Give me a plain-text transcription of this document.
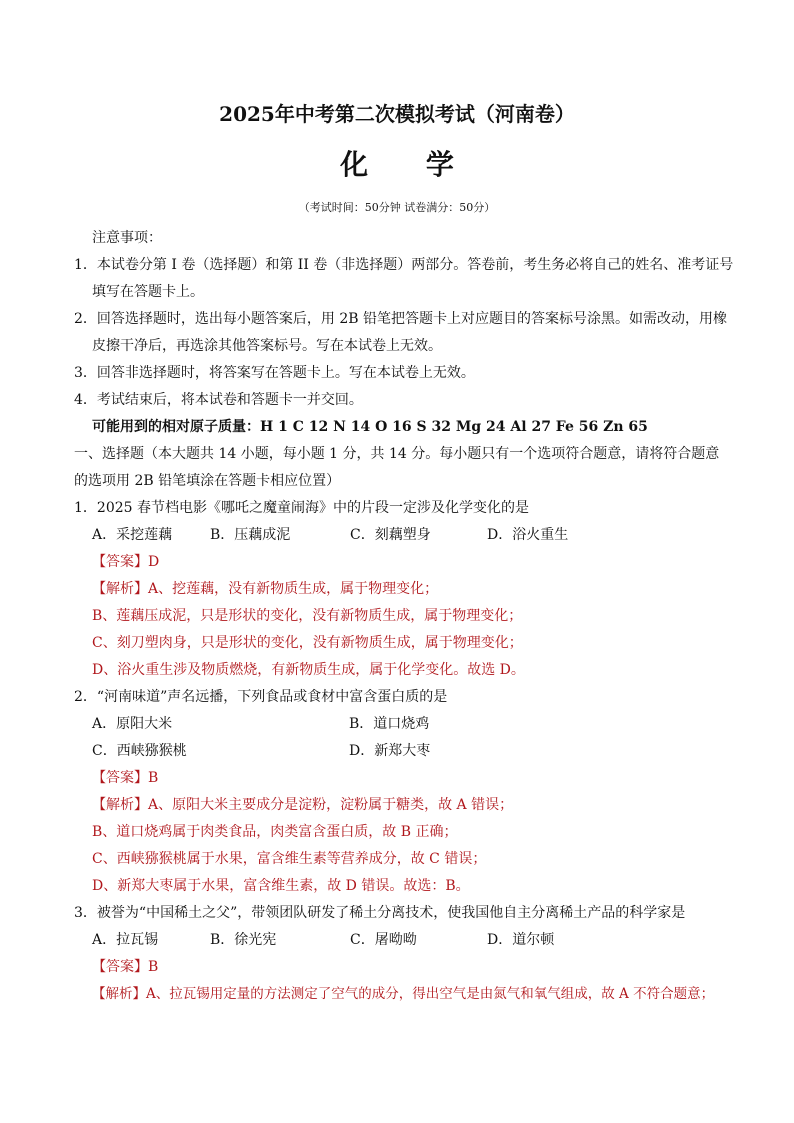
2025年中考第二次模拟考试（河南卷）
化 学
（考试时间：50分钟 试卷满分：50分）
注意事项：
1．本试卷分第 I 卷（选择题）和第 II 卷（非选择题）两部分。答卷前，考生务必将自己的姓名、准考证号
填写在答题卡上。
2．回答选择题时，选出每小题答案后，用 2B 铅笔把答题卡上对应题目的答案标号涂黑。如需改动，用橡
皮擦干净后，再选涂其他答案标号。写在本试卷上无效。
3．回答非选择题时，将答案写在答题卡上。写在本试卷上无效。
4．考试结束后，将本试卷和答题卡一并交回。
可能用到的相对原子质量：H 1 C 12 N 14 O 16 S 32 Mg 24 Al 27 Fe 56 Zn 65
一、选择题（本大题共 14 小题，每小题 1 分，共 14 分。每小题只有一个选项符合题意，请将符合题意
的选项用 2B 铅笔填涂在答题卡相应位置）
1．2025 春节档电影《哪吒之魔童闹海》中的片段一定涉及化学变化的是
A．采挖莲藕	B．压藕成泥	C．刻藕塑身	D．浴火重生
【答案】D
【解析】A、挖莲藕，没有新物质生成，属于物理变化；
B、莲藕压成泥，只是形状的变化，没有新物质生成，属于物理变化；
C、刻刀塑肉身，只是形状的变化，没有新物质生成，属于物理变化；
D、浴火重生涉及物质燃烧，有新物质生成，属于化学变化。故选 D。
2．“河南味道”声名远播，下列食品或食材中富含蛋白质的是
A．原阳大米	B．道口烧鸡
C．西峡猕猴桃	D．新郑大枣
【答案】B
【解析】A、原阳大米主要成分是淀粉，淀粉属于糖类，故 A 错误；
B、道口烧鸡属于肉类食品，肉类富含蛋白质，故 B 正确；
C、西峡猕猴桃属于水果，富含维生素等营养成分，故 C 错误；
D、新郑大枣属于水果，富含维生素，故 D 错误。故选：B。
3．被誉为“中国稀土之父”，带领团队研发了稀土分离技术，使我国他自主分离稀土产品的科学家是
A．拉瓦锡	B．徐光宪	C．屠呦呦	D．道尔顿
【答案】B
【解析】A、拉瓦锡用定量的方法测定了空气的成分，得出空气是由氮气和氧气组成，故 A 不符合题意；
